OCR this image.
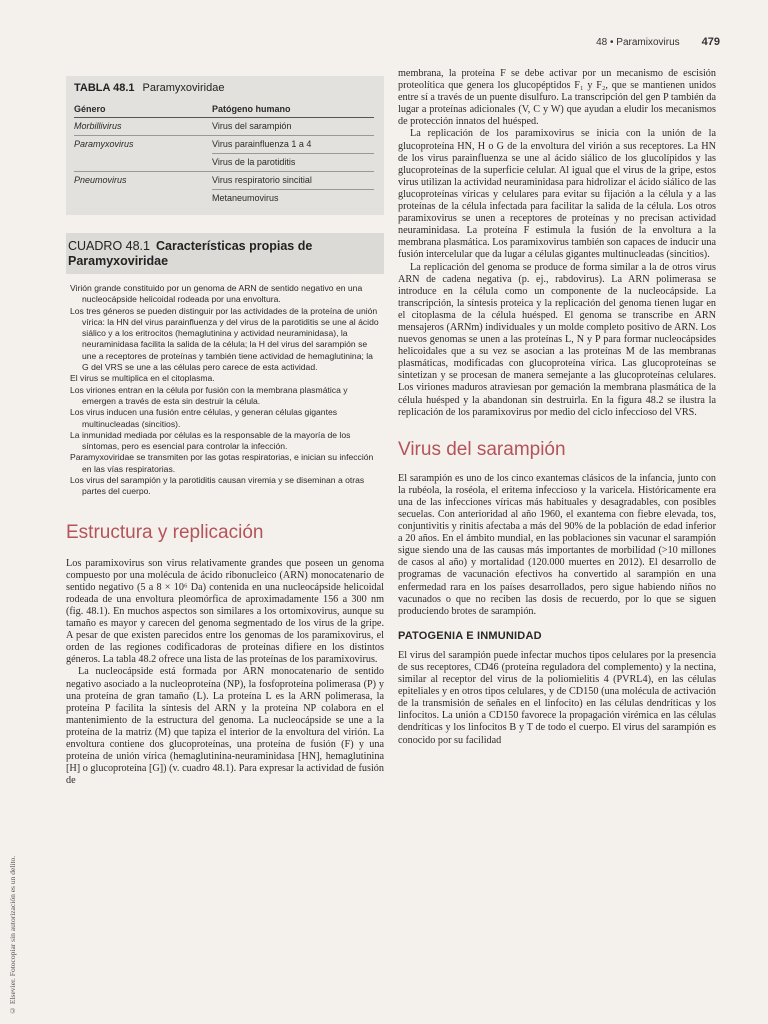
48 • Paramixovirus 479
© Elsevier. Fotocopiar sin autorización es un delito.
TABLA 48.1 Paramyxoviridae
Género	Patógeno humano
Morbillivirus	Virus del sarampión
Paramyxovirus	Virus parainfluenza 1 a 4
	Virus de la parotiditis
Pneumovirus	Virus respiratorio sincitial
	Metaneumovirus
CUADRO 48.1 Características propias de Paramyxoviridae

Virión grande constituido por un genoma de ARN de sentido negativo en una nucleocápside helicoidal rodeada por una envoltura.

Los tres géneros se pueden distinguir por las actividades de la proteína de unión vírica: la HN del virus parainfluenza y del virus de la parotiditis se une al ácido siálico y a los eritrocitos (hemaglutinina y actividad neuraminidasa), la neuraminidasa facilita la salida de la célula; la H del virus del sarampión se une a receptores de proteínas y también tiene actividad de hemaglutinina; la G del VRS se une a las células pero carece de esta actividad.

El virus se multiplica en el citoplasma.

Los viriones entran en la célula por fusión con la membrana plasmática y emergen a través de esta sin destruir la célula.

Los virus inducen una fusión entre células, y generan células gigantes multinucleadas (sincitios).

La inmunidad mediada por células es la responsable de la mayoría de los síntomas, pero es esencial para controlar la infección.

Paramyxoviridae se transmiten por las gotas respiratorias, e inician su infección en las vías respiratorias.

Los virus del sarampión y la parotiditis causan viremia y se diseminan a otras partes del cuerpo.

Estructura y replicación

Los paramixovirus son virus relativamente grandes que poseen un genoma compuesto por una molécula de ácido ribonucleico (ARN) monocatenario de sentido negativo (5 a 8 × 10⁶ Da) contenida en una nucleocápside helicoidal rodeada de una envoltura pleomórfica de aproximadamente 156 a 300 nm (fig. 48.1). En muchos aspectos son similares a los ortomixovirus, aunque su tamaño es mayor y carecen del genoma segmentado de los virus de la gripe. A pesar de que existen parecidos entre los genomas de los paramixovirus, el orden de las regiones codificadoras de proteínas difiere en los distintos géneros. La tabla 48.2 ofrece una lista de las proteínas de los paramixovirus.

La nucleocápside está formada por ARN monocatenario de sentido negativo asociado a la nucleoproteína (NP), la fosfoproteína polimerasa (P) y una proteína de gran tamaño (L). La proteína L es la ARN polimerasa, la proteína P facilita la síntesis del ARN y la proteína NP colabora en el mantenimiento de la estructura del genoma. La nucleocápside se une a la proteína de la matriz (M) que tapiza el interior de la envoltura del virión. La envoltura contiene dos glucoproteínas, una proteína de fusión (F) y una proteína de unión vírica (hemaglutinina-neuraminidasa [HN], hemaglutinina [H] o glucoproteína [G]) (v. cuadro 48.1). Para expresar la actividad de fusión de

membrana, la proteína F se debe activar por un mecanismo de escisión proteolítica que genera los glucopéptidos F₁ y F₂, que se mantienen unidos entre sí a través de un puente disulfuro. La transcripción del gen P también da lugar a proteínas adicionales (V, C y W) que ayudan a eludir los mecanismos de protección innatos del huésped.

La replicación de los paramixovirus se inicia con la unión de la glucoproteína HN, H o G de la envoltura del virión a sus receptores. La HN de los virus parainfluenza se une al ácido siálico de los glucolípidos y las glucoproteínas de la superficie celular. Al igual que el virus de la gripe, estos virus utilizan la actividad neuraminidasa para hidrolizar el ácido siálico de las glucoproteínas víricas y celulares para evitar su fijación a la célula y a las proteínas de la célula infectada para facilitar la salida de la célula. Los otros paramixovirus se unen a receptores de proteínas y no precisan actividad neuraminidasa. La proteína F estimula la fusión de la envoltura a la membrana plasmática. Los paramixovirus también son capaces de inducir una fusión intercelular que da lugar a células gigantes multinucleadas (sincitios).

La replicación del genoma se produce de forma similar a la de otros virus ARN de cadena negativa (p. ej., rabdovirus). La ARN polimerasa se introduce en la célula como un componente de la nucleocápside. La transcripción, la síntesis proteica y la replicación del genoma tienen lugar en el citoplasma de la célula huésped. El genoma se transcribe en ARN mensajeros (ARNm) individuales y un molde completo positivo de ARN. Los nuevos genomas se unen a las proteínas L, N y P para formar nucleocápsides helicoidales que a su vez se asocian a las proteínas M de las membranas plasmáticas, modificadas con glucoproteína vírica. Las glucoproteínas se sintetizan y se procesan de manera semejante a las glucoproteínas celulares. Los viriones maduros atraviesan por gemación la membrana plasmática de la célula huésped y la abandonan sin destruirla. En la figura 48.2 se ilustra la replicación de los paramixovirus por medio del ciclo infeccioso del VRS.

Virus del sarampión

El sarampión es uno de los cinco exantemas clásicos de la infancia, junto con la rubéola, la roséola, el eritema infeccioso y la varicela. Históricamente era una de las infecciones víricas más habituales y desagradables, con posibles secuelas. Con anterioridad al año 1960, el exantema con fiebre elevada, tos, conjuntivitis y rinitis afectaba a más del 90% de la población de edad inferior a 20 años. En el ámbito mundial, en las poblaciones sin vacunar el sarampión sigue siendo una de las causas más importantes de morbilidad (>10 millones de casos al año) y mortalidad (120.000 muertes en 2012). El desarrollo de programas de vacunación efectivos ha convertido al sarampión en una enfermedad rara en los países desarrollados, pero sigue habiendo niños no vacunados o que no reciben las dosis de recuerdo, por lo que se siguen produciendo brotes de sarampión.

PATOGENIA E INMUNIDAD

El virus del sarampión puede infectar muchos tipos celulares por la presencia de sus receptores, CD46 (proteína reguladora del complemento) y la nectina, similar al receptor del virus de la poliomielitis 4 (PVRL4), en las células epiteliales y en otros tipos celulares, y de CD150 (una molécula de activación de la transmisión de señales en el linfocito) en las células dendríticas y los linfocitos. La unión a CD150 favorece la propagación virémica en las células dendríticas y los linfocitos B y T de todo el cuerpo. El virus del sarampión es conocido por su facilidad
